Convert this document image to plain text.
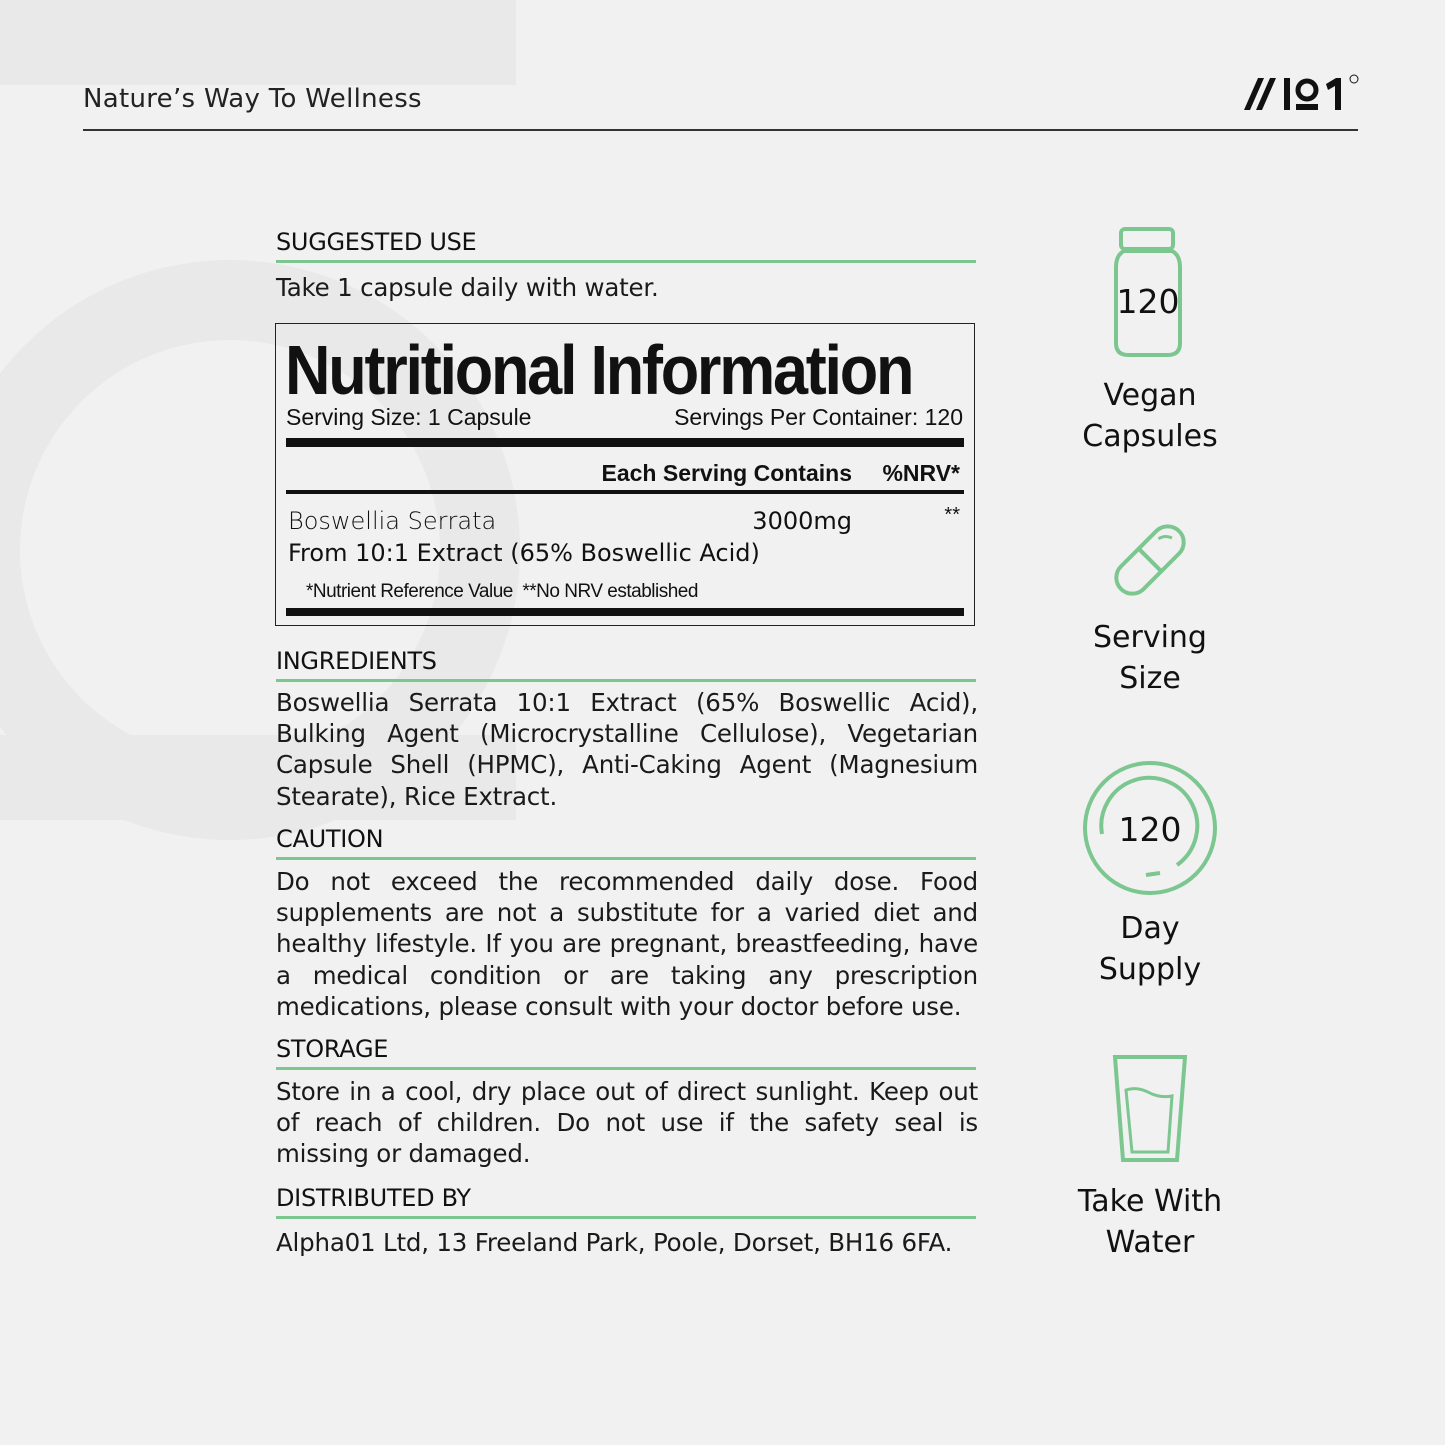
Nature’s Way To Wellness
SUGGESTED USE
Take 1 capsule daily with water.
Nutritional Information
Serving Size: 1 Capsule	Servings Per Container: 120
Each Serving Contains %NRV*
Boswellia Serrata	3000mg	**
From 10:1 Extract (65% Boswellic Acid)
*Nutrient Reference Value  **No NRV established
INGREDIENTS
Boswellia Serrata 10:1 Extract (65% Boswellic Acid), Bulking Agent (Microcrystalline Cellulose), Vegetarian Capsule Shell (HPMC), Anti-Caking Agent (Magnesium Stearate), Rice Extract.
CAUTION
Do not exceed the recommended daily dose. Food supplements are not a substitute for a varied diet and healthy lifestyle. If you are pregnant, breastfeeding, have a medical condition or are taking any prescription medications, please consult with your doctor before use.
STORAGE
Store in a cool, dry place out of direct sunlight. Keep out of reach of children. Do not use if the safety seal is missing or damaged.
DISTRIBUTED BY
Alpha01 Ltd, 13 Freeland Park, Poole, Dorset, BH16 6FA.
120
Vegan
Capsules
Serving
Size
120
Day
Supply
Take With
Water
